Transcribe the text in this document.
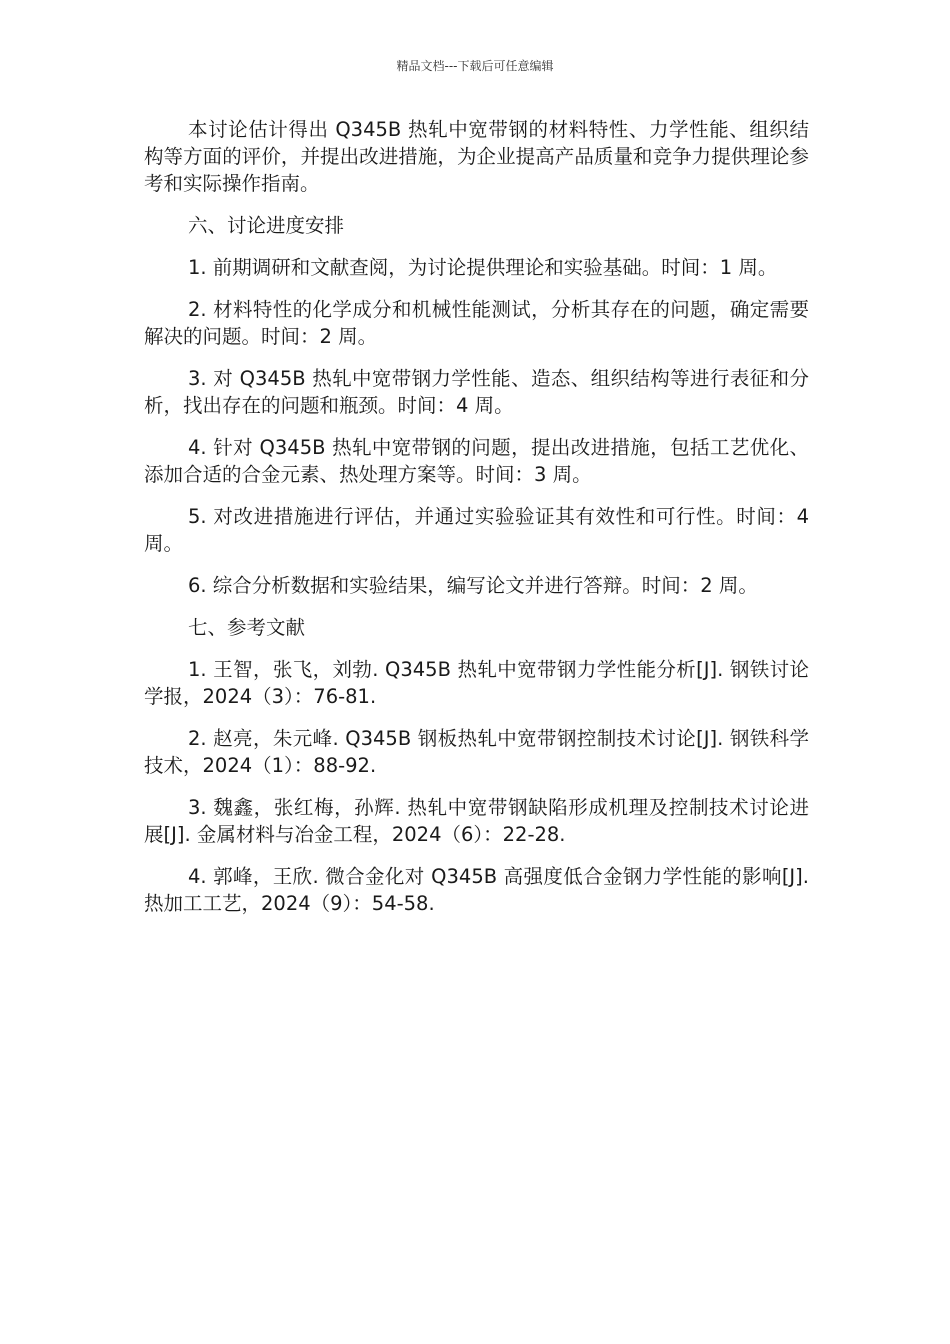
精品文档---下载后可任意编辑

本讨论估计得出 Q345B 热轧中宽带钢的材料特性、力学性能、组织结构等方面的评价，并提出改进措施，为企业提高产品质量和竞争力提供理论参考和实际操作指南。

六、讨论进度安排

1. 前期调研和文献查阅，为讨论提供理论和实验基础。时间：1 周。

2. 材料特性的化学成分和机械性能测试，分析其存在的问题，确定需要解决的问题。时间：2 周。

3. 对 Q345B 热轧中宽带钢力学性能、造态、组织结构等进行表征和分析，找出存在的问题和瓶颈。时间：4 周。

4. 针对 Q345B 热轧中宽带钢的问题，提出改进措施，包括工艺优化、添加合适的合金元素、热处理方案等。时间：3 周。

5. 对改进措施进行评估，并通过实验验证其有效性和可行性。时间：4 周。

6. 综合分析数据和实验结果，编写论文并进行答辩。时间：2 周。

七、参考文献

1. 王智，张飞，刘勃. Q345B 热轧中宽带钢力学性能分析[J]. 钢铁讨论学报，2024（3）：76-81.

2. 赵亮，朱元峰. Q345B 钢板热轧中宽带钢控制技术讨论[J]. 钢铁科学技术，2024（1）：88-92.

3. 魏鑫，张红梅，孙辉. 热轧中宽带钢缺陷形成机理及控制技术讨论进展[J]. 金属材料与冶金工程，2024（6）：22-28.

4. 郭峰，王欣. 微合金化对 Q345B 高强度低合金钢力学性能的影响[J]. 热加工工艺，2024（9）：54-58.
